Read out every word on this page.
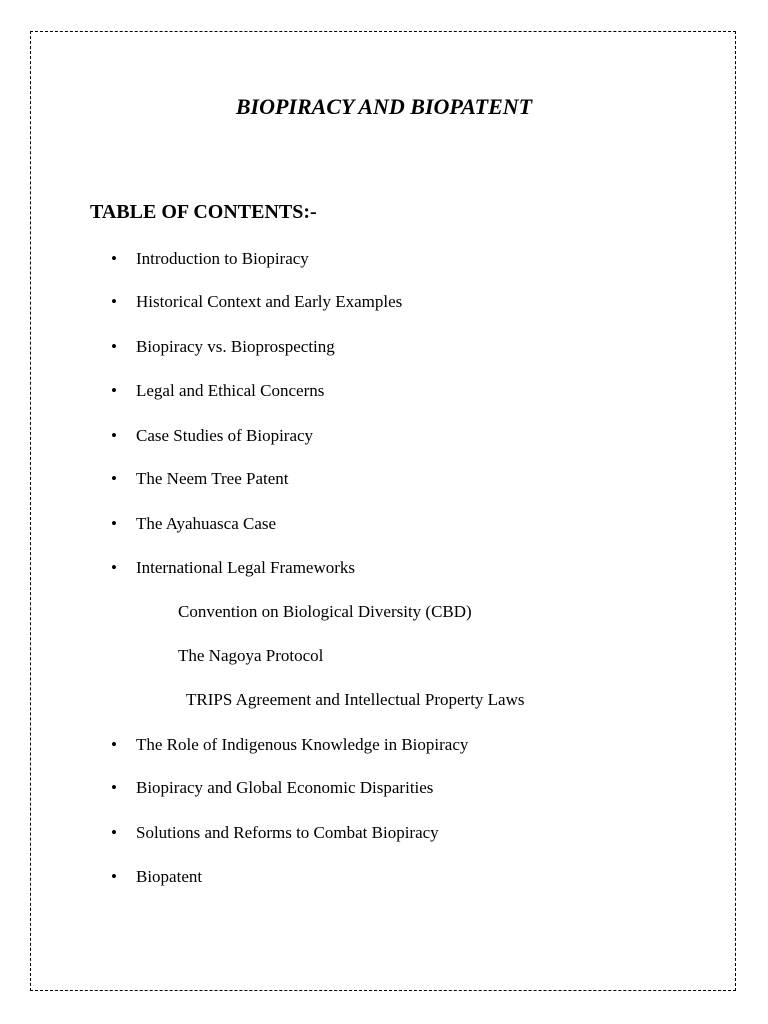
BIOPIRACY AND BIOPATENT
TABLE OF CONTENTS:-
• Introduction to Biopiracy
• Historical Context and Early Examples
• Biopiracy vs. Bioprospecting
• Legal and Ethical Concerns
• Case Studies of Biopiracy
• The Neem Tree Patent
• The Ayahuasca Case
• International Legal Frameworks
Convention on Biological Diversity (CBD)
The Nagoya Protocol
TRIPS Agreement and Intellectual Property Laws
• The Role of Indigenous Knowledge in Biopiracy
• Biopiracy and Global Economic Disparities
• Solutions and Reforms to Combat Biopiracy
• Biopatent
